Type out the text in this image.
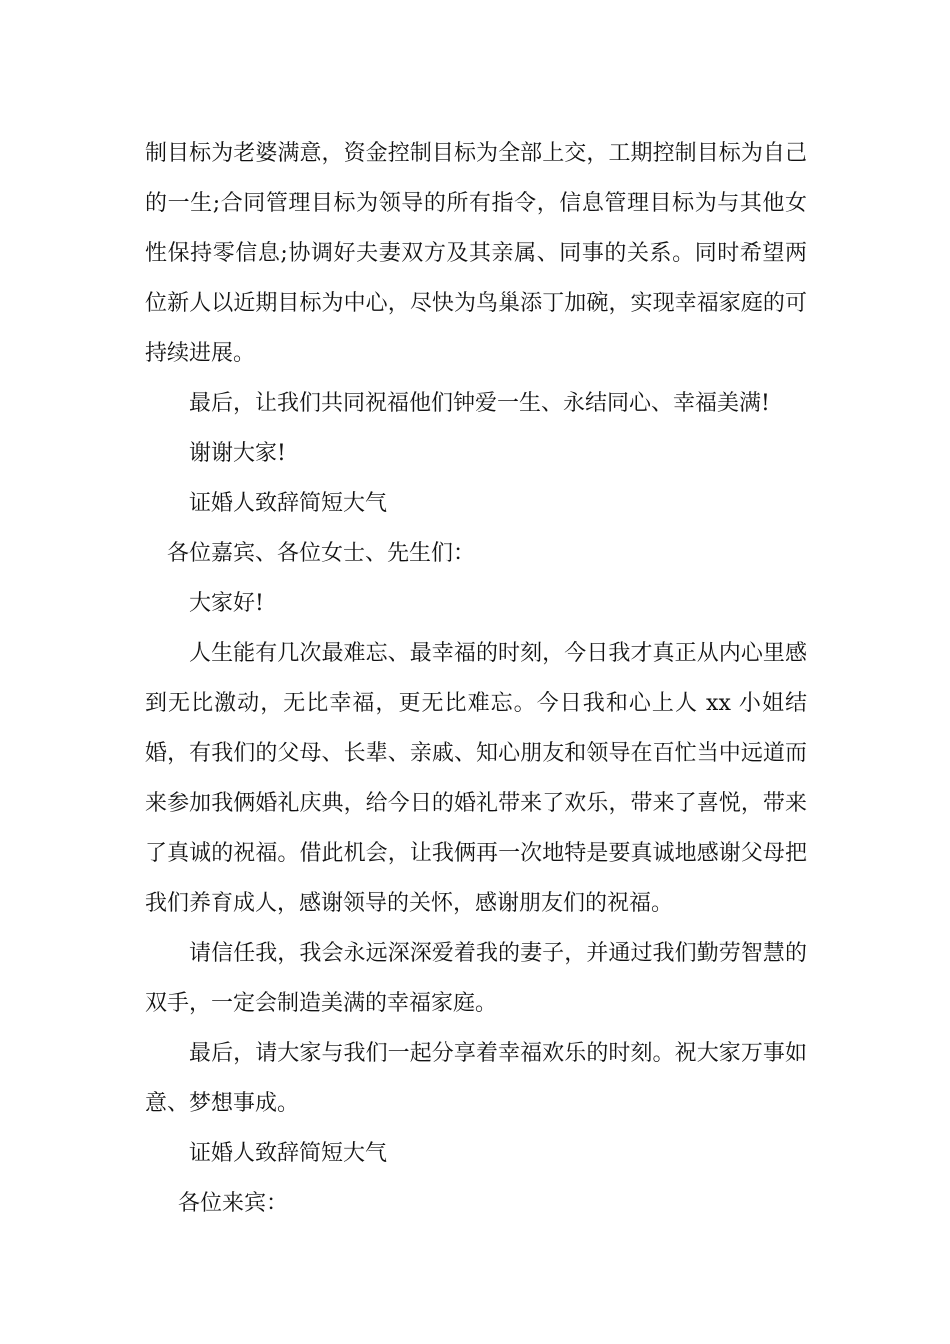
制目标为老婆满意，资金控制目标为全部上交，工期控制目标为自己的一生;合同管理目标为领导的所有指令，信息管理目标为与其他女性保持零信息;协调好夫妻双方及其亲属、同事的关系。同时希望两位新人以近期目标为中心，尽快为鸟巢添丁加碗，实现幸福家庭的可持续进展。

最后，让我们共同祝福他们钟爱一生、永结同心、幸福美满!

谢谢大家!

证婚人致辞简短大气

各位嘉宾、各位女士、先生们：

大家好!

人生能有几次最难忘、最幸福的时刻，今日我才真正从内心里感到无比激动，无比幸福，更无比难忘。今日我和心上人 xx 小姐结婚，有我们的父母、长辈、亲戚、知心朋友和领导在百忙当中远道而来参加我俩婚礼庆典，给今日的婚礼带来了欢乐，带来了喜悦，带来了真诚的祝福。借此机会，让我俩再一次地特是要真诚地感谢父母把我们养育成人，感谢领导的关怀，感谢朋友们的祝福。

请信任我，我会永远深深爱着我的妻子，并通过我们勤劳智慧的双手，一定会制造美满的幸福家庭。

最后，请大家与我们一起分享着幸福欢乐的时刻。祝大家万事如意、梦想事成。

证婚人致辞简短大气

各位来宾：
